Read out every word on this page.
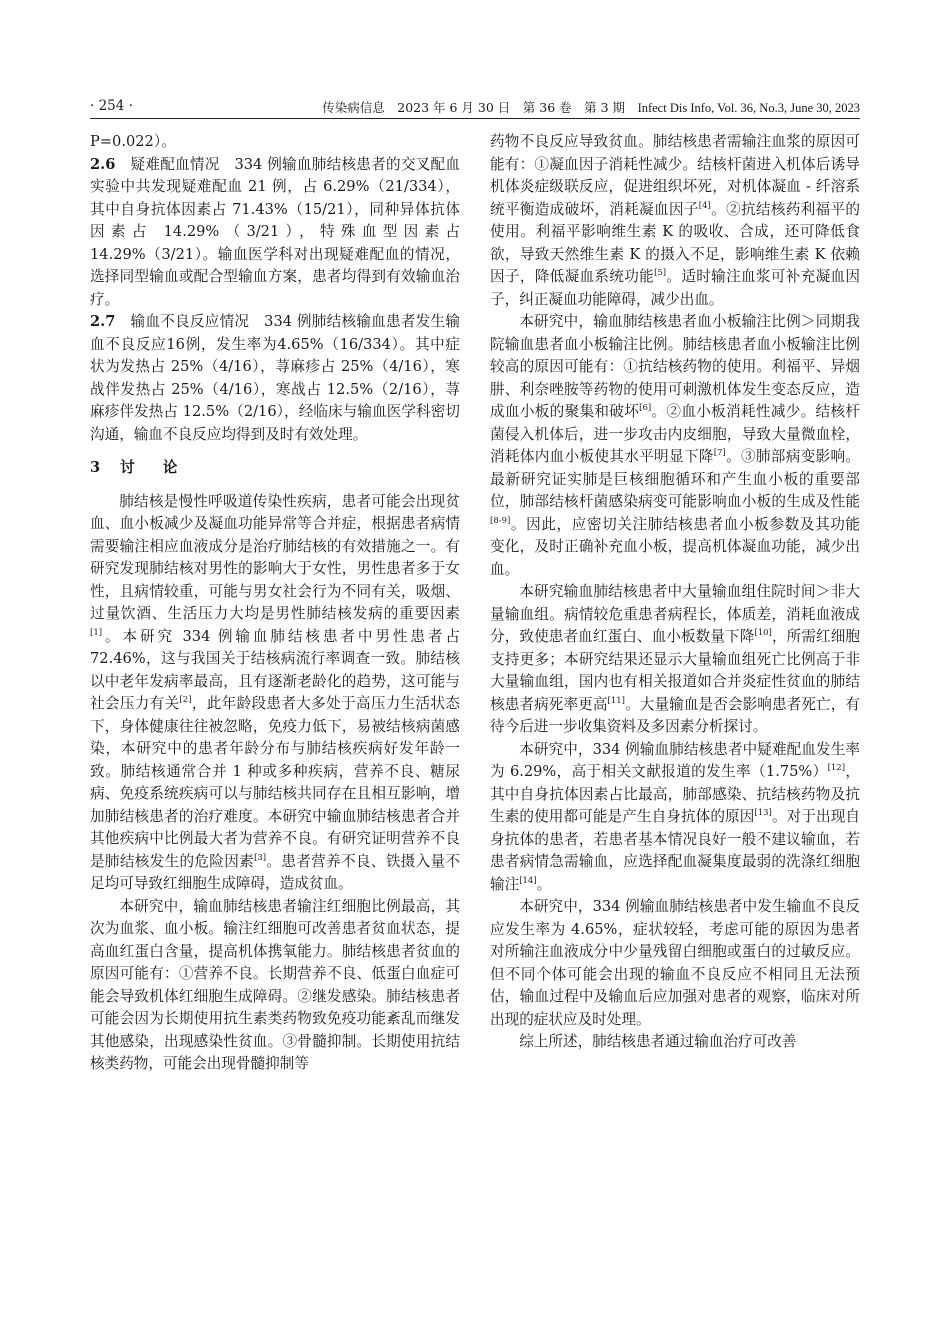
· 254 ·	传染病信息　2023 年 6 月 30 日　第 36 卷　第 3 期　 Infect Dis Info, Vol. 36, No.3, June 30, 2023

P=0.022）。

2.6　 疑难配血情况　 334 例输血肺结核患者的交叉配血实验中共发现疑难配血 21 例，占 6.29%（21/334），其中自身抗体因素占 71.43%（15/21），同种异体抗体因素占 14.29%（3/21），特殊血型因素占 14.29%（3/21）。输血医学科对出现疑难配血的情况，选择同型输血或配合型输血方案，患者均得到有效输血治疗。

2.7　 输血不良反应情况　 334 例肺结核输血患者发生输血不良反应16例，发生率为4.65%（16/334）。其中症状为发热占 25%（4/16），荨麻疹占 25%（4/16），寒战伴发热占 25%（4/16），寒战占 12.5%（2/16），荨麻疹伴发热占 12.5%（2/16），经临床与输血医学科密切沟通，输血不良反应均得到及时有效处理。

3 讨 论

肺结核是慢性呼吸道传染性疾病，患者可能会出现贫血、血小板减少及凝血功能异常等合并症，根据患者病情需要输注相应血液成分是治疗肺结核的有效措施之一。有研究发现肺结核对男性的影响大于女性，男性患者多于女性，且病情较重，可能与男女社会行为不同有关，吸烟、过量饮酒、生活压力大均是男性肺结核发病的重要因素[1]。本研究 334 例输血肺结核患者中男性患者占 72.46%，这与我国关于结核病流行率调查一致。肺结核以中老年发病率最高，且有逐渐老龄化的趋势，这可能与社会压力有关[2]，此年龄段患者大多处于高压力生活状态下，身体健康往往被忽略，免疫力低下，易被结核病菌感染，本研究中的患者年龄分布与肺结核疾病好发年龄一致。肺结核通常合并 1 种或多种疾病，营养不良、糖尿病、免疫系统疾病可以与肺结核共同存在且相互影响，增加肺结核患者的治疗难度。本研究中输血肺结核患者合并其他疾病中比例最大者为营养不良。有研究证明营养不良是肺结核发生的危险因素[3]。患者营养不良、铁摄入量不足均可导致红细胞生成障碍，造成贫血。

本研究中，输血肺结核患者输注红细胞比例最高，其次为血浆、血小板。输注红细胞可改善患者贫血状态，提高血红蛋白含量，提高机体携氧能力。肺结核患者贫血的原因可能有：①营养不良。长期营养不良、低蛋白血症可能会导致机体红细胞生成障碍。②继发感染。肺结核患者可能会因为长期使用抗生素类药物致免疫功能紊乱而继发其他感染，出现感染性贫血。③骨髓抑制。长期使用抗结核类药物，可能会出现骨髓抑制等

药物不良反应导致贫血。肺结核患者需输注血浆的原因可能有：①凝血因子消耗性减少。结核杆菌进入机体后诱导机体炎症级联反应，促进组织坏死，对机体凝血 - 纤溶系统平衡造成破坏，消耗凝血因子[4]。②抗结核药利福平的使用。利福平影响维生素 K 的吸收、合成，还可降低食欲，导致天然维生素 K 的摄入不足，影响维生素 K 依赖因子，降低凝血系统功能[5]。适时输注血浆可补充凝血因子，纠正凝血功能障碍，减少出血。

本研究中，输血肺结核患者血小板输注比例＞同期我院输血患者血小板输注比例。肺结核患者血小板输注比例较高的原因可能有：①抗结核药物的使用。利福平、异烟肼、利奈唑胺等药物的使用可刺激机体发生变态反应，造成血小板的聚集和破坏[6]。②血小板消耗性减少。结核杆菌侵入机体后，进一步攻击内皮细胞，导致大量微血栓，消耗体内血小板使其水平明显下降[7]。③肺部病变影响。最新研究证实肺是巨核细胞循环和产生血小板的重要部位，肺部结核杆菌感染病变可能影响血小板的生成及性能[8-9]。因此，应密切关注肺结核患者血小板参数及其功能变化，及时正确补充血小板，提高机体凝血功能，减少出血。

本研究输血肺结核患者中大量输血组住院时间＞非大量输血组。病情较危重患者病程长，体质差，消耗血液成分，致使患者血红蛋白、血小板数量下降[10]，所需红细胞支持更多；本研究结果还显示大量输血组死亡比例高于非大量输血组，国内也有相关报道如合并炎症性贫血的肺结核患者病死率更高[11]。大量输血是否会影响患者死亡，有待今后进一步收集资料及多因素分析探讨。

本研究中，334 例输血肺结核患者中疑难配血发生率为 6.29%，高于相关文献报道的发生率（1.75%）[12]，其中自身抗体因素占比最高，肺部感染、抗结核药物及抗生素的使用都可能是产生自身抗体的原因[13]。对于出现自身抗体的患者，若患者基本情况良好一般不建议输血，若患者病情急需输血，应选择配血凝集度最弱的洗涤红细胞输注[14]。

本研究中，334 例输血肺结核患者中发生输血不良反应发生率为 4.65%，症状较轻，考虑可能的原因为患者对所输注血液成分中少量残留白细胞或蛋白的过敏反应。但不同个体可能会出现的输血不良反应不相同且无法预估，输血过程中及输血后应加强对患者的观察，临床对所出现的症状应及时处理。

综上所述，肺结核患者通过输血治疗可改善
